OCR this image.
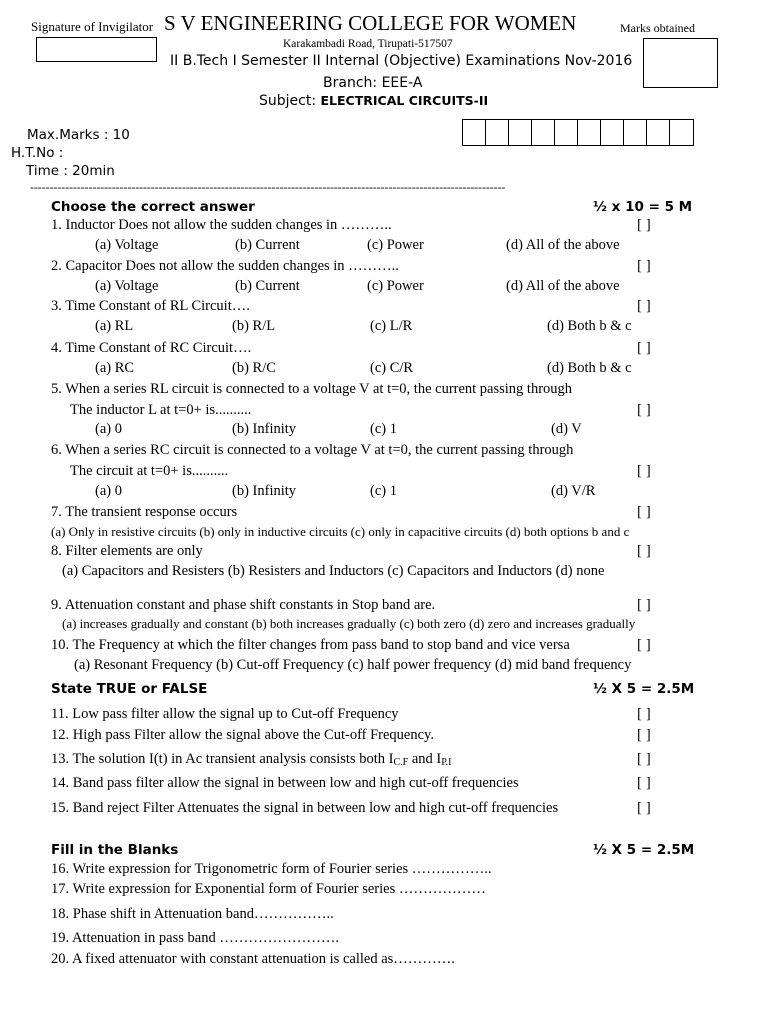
Signature of Invigilator S V ENGINEERING COLLEGE FOR WOMEN	Marks obtained
Karakambadi Road, Tirupati-517507
II B.Tech I Semester II Internal (Objective) Examinations Nov-2016
Branch: EEE-A
Subject: ELECTRICAL CIRCUITS-II
Max.Marks : 10
H.T.No :
Time : 20min
--------------------------------------------------------------------------------------------------------------------------
Choose the correct answer	½ x 10 = 5 M
1. Inductor Does not allow the sudden changes in ………..	[ ]
(a) Voltage	(b) Current	(c) Power	(d) All of the above
2. Capacitor Does not allow the sudden changes in ………..	[ ]
(a) Voltage	(b) Current	(c) Power	(d) All of the above
3. Time Constant of RL Circuit….	[ ]
(a) RL	(b) R/L	(c) L/R	(d) Both b & c
4. Time Constant of RC Circuit….	[ ]
(a) RC	(b) R/C	(c) C/R	(d) Both b & c
5. When a series RL circuit is connected to a voltage V at t=0, the current passing through
The inductor L at t=0+ is..........	[ ]
(a) 0	(b) Infinity	(c) 1	(d) V
6. When a series RC circuit is connected to a voltage V at t=0, the current passing through
The circuit at t=0+ is..........	[ ]
(a) 0	(b) Infinity	(c) 1	(d) V/R
7. The transient response occurs	[ ]
(a) Only in resistive circuits (b) only in inductive circuits (c) only in capacitive circuits (d) both options b and c
8. Filter elements are only	[ ]
(a) Capacitors and Resisters (b) Resisters and Inductors (c) Capacitors and Inductors (d) none
9. Attenuation constant and phase shift constants in Stop band are.	[ ]
(a) increases gradually and constant (b) both increases gradually (c) both zero (d) zero and increases gradually
10. The Frequency at which the filter changes from pass band to stop band and vice versa	[ ]
(a) Resonant Frequency (b) Cut-off Frequency (c) half power frequency (d) mid band frequency
State TRUE or FALSE	½ X 5 = 2.5M
11. Low pass filter allow the signal up to Cut-off Frequency	[ ]
12. High pass Filter allow the signal above the Cut-off Frequency.	[ ]
13. The solution I(t) in Ac transient analysis consists both $I_{C.F}$ and $I_{P.I}$	[ ]
14. Band pass filter allow the signal in between low and high cut-off frequencies	[ ]
15. Band reject Filter Attenuates the signal in between low and high cut-off frequencies	[ ]
Fill in the Blanks	½ X 5 = 2.5M
16. Write expression for Trigonometric form of Fourier series ……………..
17. Write expression for Exponential form of Fourier series ………………
18. Phase shift in Attenuation band……………..
19. Attenuation in pass band …………………….
20. A fixed attenuator with constant attenuation is called as………….
